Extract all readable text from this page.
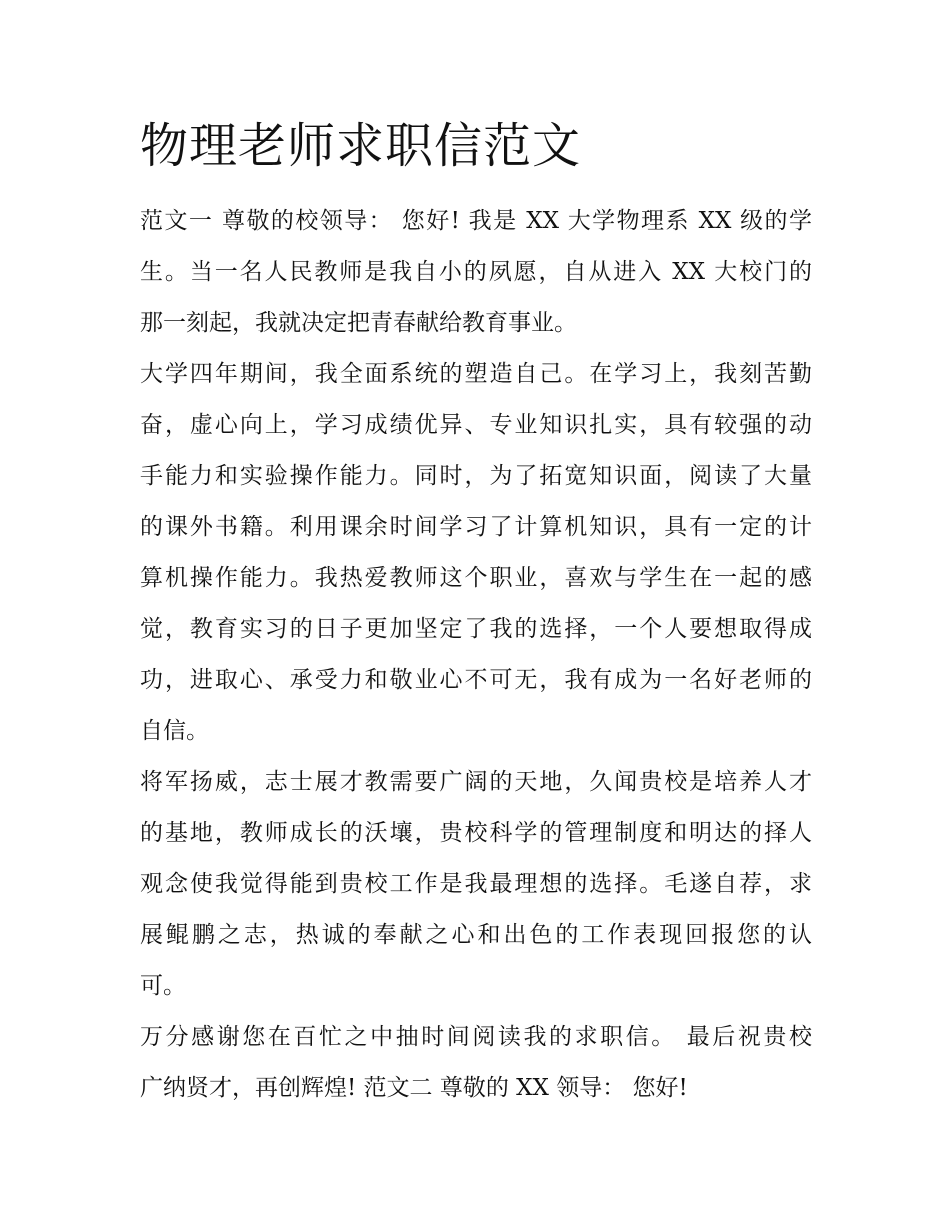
物理老师求职信范文

范文一 尊敬的校领导： 您好! 我是 XX 大学物理系 XX 级的学
生。当一名人民教师是我自小的夙愿，自从进入 XX 大校门的
那一刻起，我就决定把青春献给教育事业。

大学四年期间，我全面系统的塑造自己。在学习上，我刻苦勤
奋，虚心向上，学习成绩优异、专业知识扎实，具有较强的动
手能力和实验操作能力。同时，为了拓宽知识面，阅读了大量
的课外书籍。利用课余时间学习了计算机知识，具有一定的计
算机操作能力。我热爱教师这个职业，喜欢与学生在一起的感
觉，教育实习的日子更加坚定了我的选择，一个人要想取得成
功，进取心、承受力和敬业心不可无，我有成为一名好老师的
自信。

将军扬威，志士展才教需要广阔的天地，久闻贵校是培养人才
的基地，教师成长的沃壤，贵校科学的管理制度和明达的择人
观念使我觉得能到贵校工作是我最理想的选择。毛遂自荐，求
展鲲鹏之志，热诚的奉献之心和出色的工作表现回报您的认
可。

万分感谢您在百忙之中抽时间阅读我的求职信。 最后祝贵校
广纳贤才，再创辉煌! 范文二 尊敬的 XX 领导： 您好!
